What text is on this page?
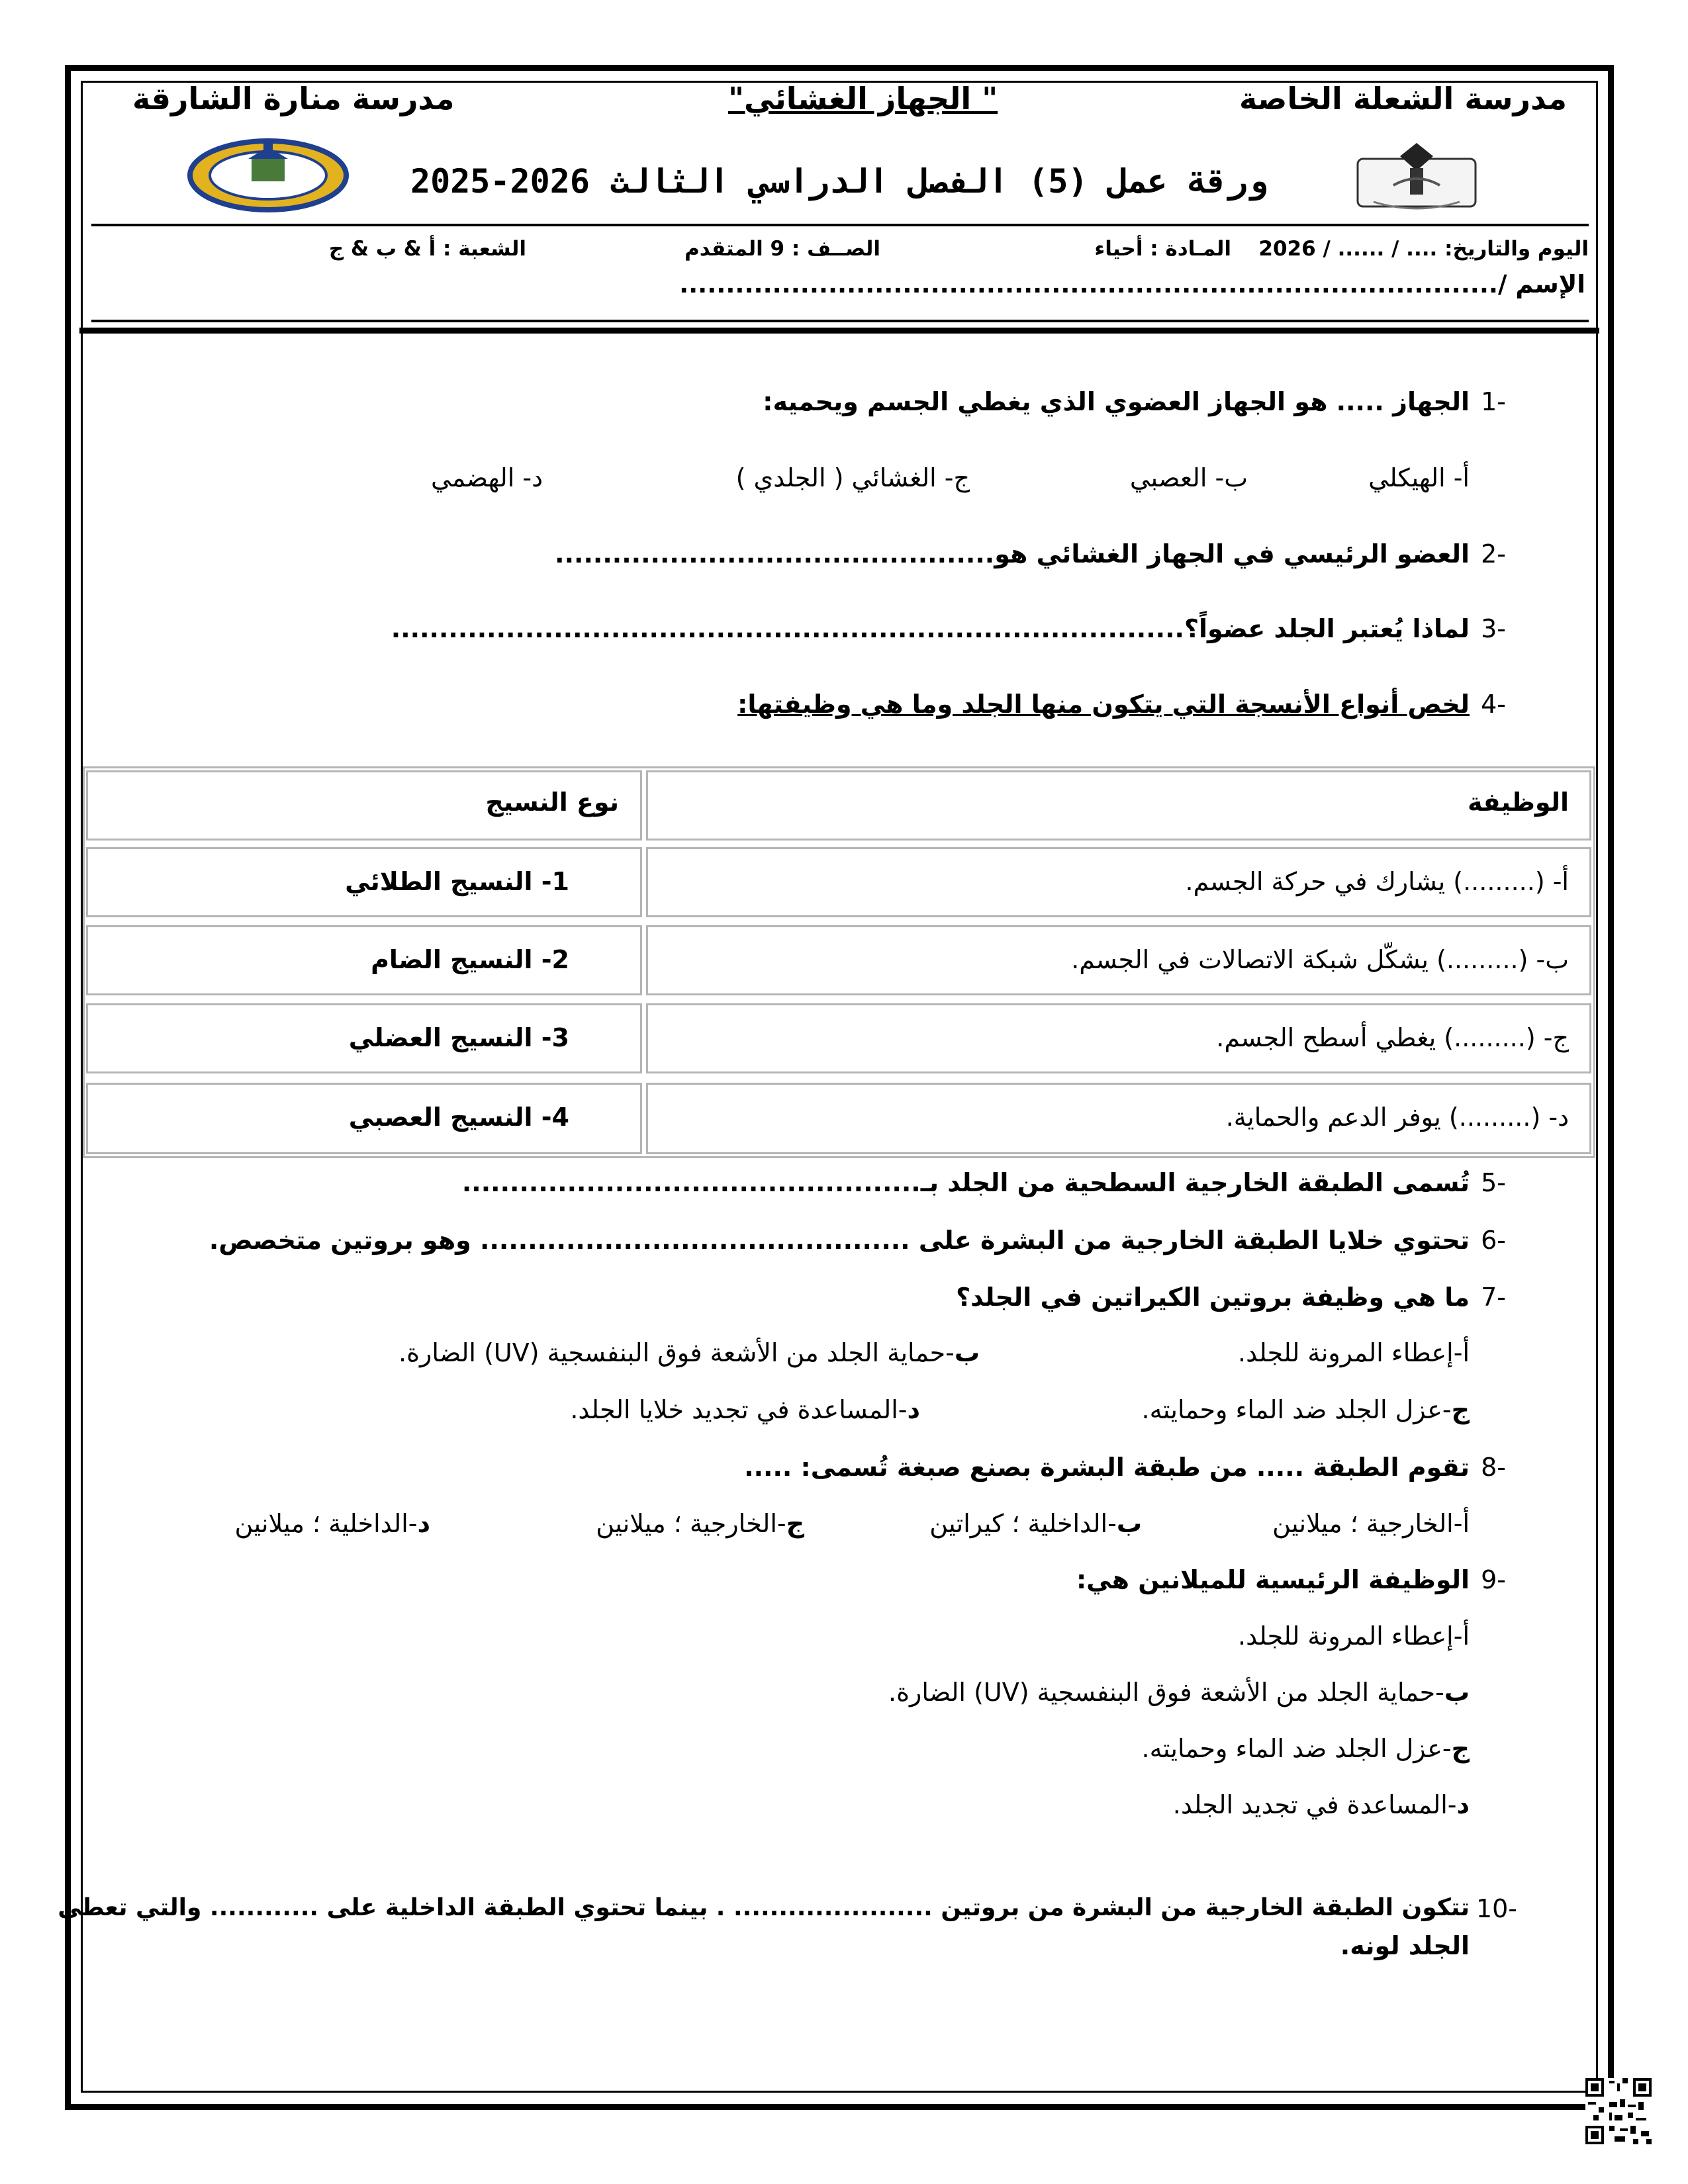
مدرسة الشعلة الخاصة
مدرسة منارة الشارقة	" الجهاز الغشائي"
ورقة عمل (5) الفصل الدراسي الثالث 2026-2025
اليوم والتاريخ: .... / ...... / 2026
المـادة : أحياء
الصــف : 9 المتقدم
الشعبة : أ & ب & ج
الإسم /........................................................................................
1-
الجهاز ..... هو الجهاز العضوي الذي يغطي الجسم ويحميه:
أ- الهيكلي
ب- العصبي
ج- الغشائي ( الجلدي )
د- الهضمي
2-
العضو الرئيسي في الجهاز الغشائي هو..............................................
3-
لماذا يُعتبر الجلد عضواً؟...................................................................................
4-
لخص أنواع الأنسجة التي يتكون منها الجلد وما هي وظيفتها:
الوظيفة
نوع النسيج
أ- (.........) يشارك في حركة الجسم.
1- النسيج الطلائي
ب- (.........) يشكّل شبكة الاتصالات في الجسم.
2- النسيج الضام
ج- (.........) يغطي أسطح الجسم.
3- النسيج العضلي
د- (.........) يوفر الدعم والحماية.
4- النسيج العصبي
5-
تُسمى الطبقة الخارجية السطحية من الجلد بـ................................................
6-
تحتوي خلايا الطبقة الخارجية من البشرة على ............................................. وهو بروتين متخصص.
7-
ما هي وظيفة بروتين الكيراتين في الجلد؟
أ-إعطاء المرونة للجلد.
ب-حماية الجلد من الأشعة فوق البنفسجية (UV) الضارة.
ج-عزل الجلد ضد الماء وحمايته.
د-المساعدة في تجديد خلايا الجلد.
8-
تقوم الطبقة ..... من طبقة البشرة بصنع صبغة تُسمى: .....
أ-الخارجية ؛ ميلانين
ب-الداخلية ؛ كيراتين
ج-الخارجية ؛ ميلانين
د-الداخلية ؛ ميلانين
9-
الوظيفة الرئيسية للميلانين هي:
أ-إعطاء المرونة للجلد.
ب-حماية الجلد من الأشعة فوق البنفسجية (UV) الضارة.
ج-عزل الجلد ضد الماء وحمايته.
د-المساعدة في تجديد الجلد.
10-
تتكون الطبقة الخارجية من البشرة من بروتين ...................... . بينما تحتوي الطبقة الداخلية على ............ والتي تعطي
الجلد لونه.
